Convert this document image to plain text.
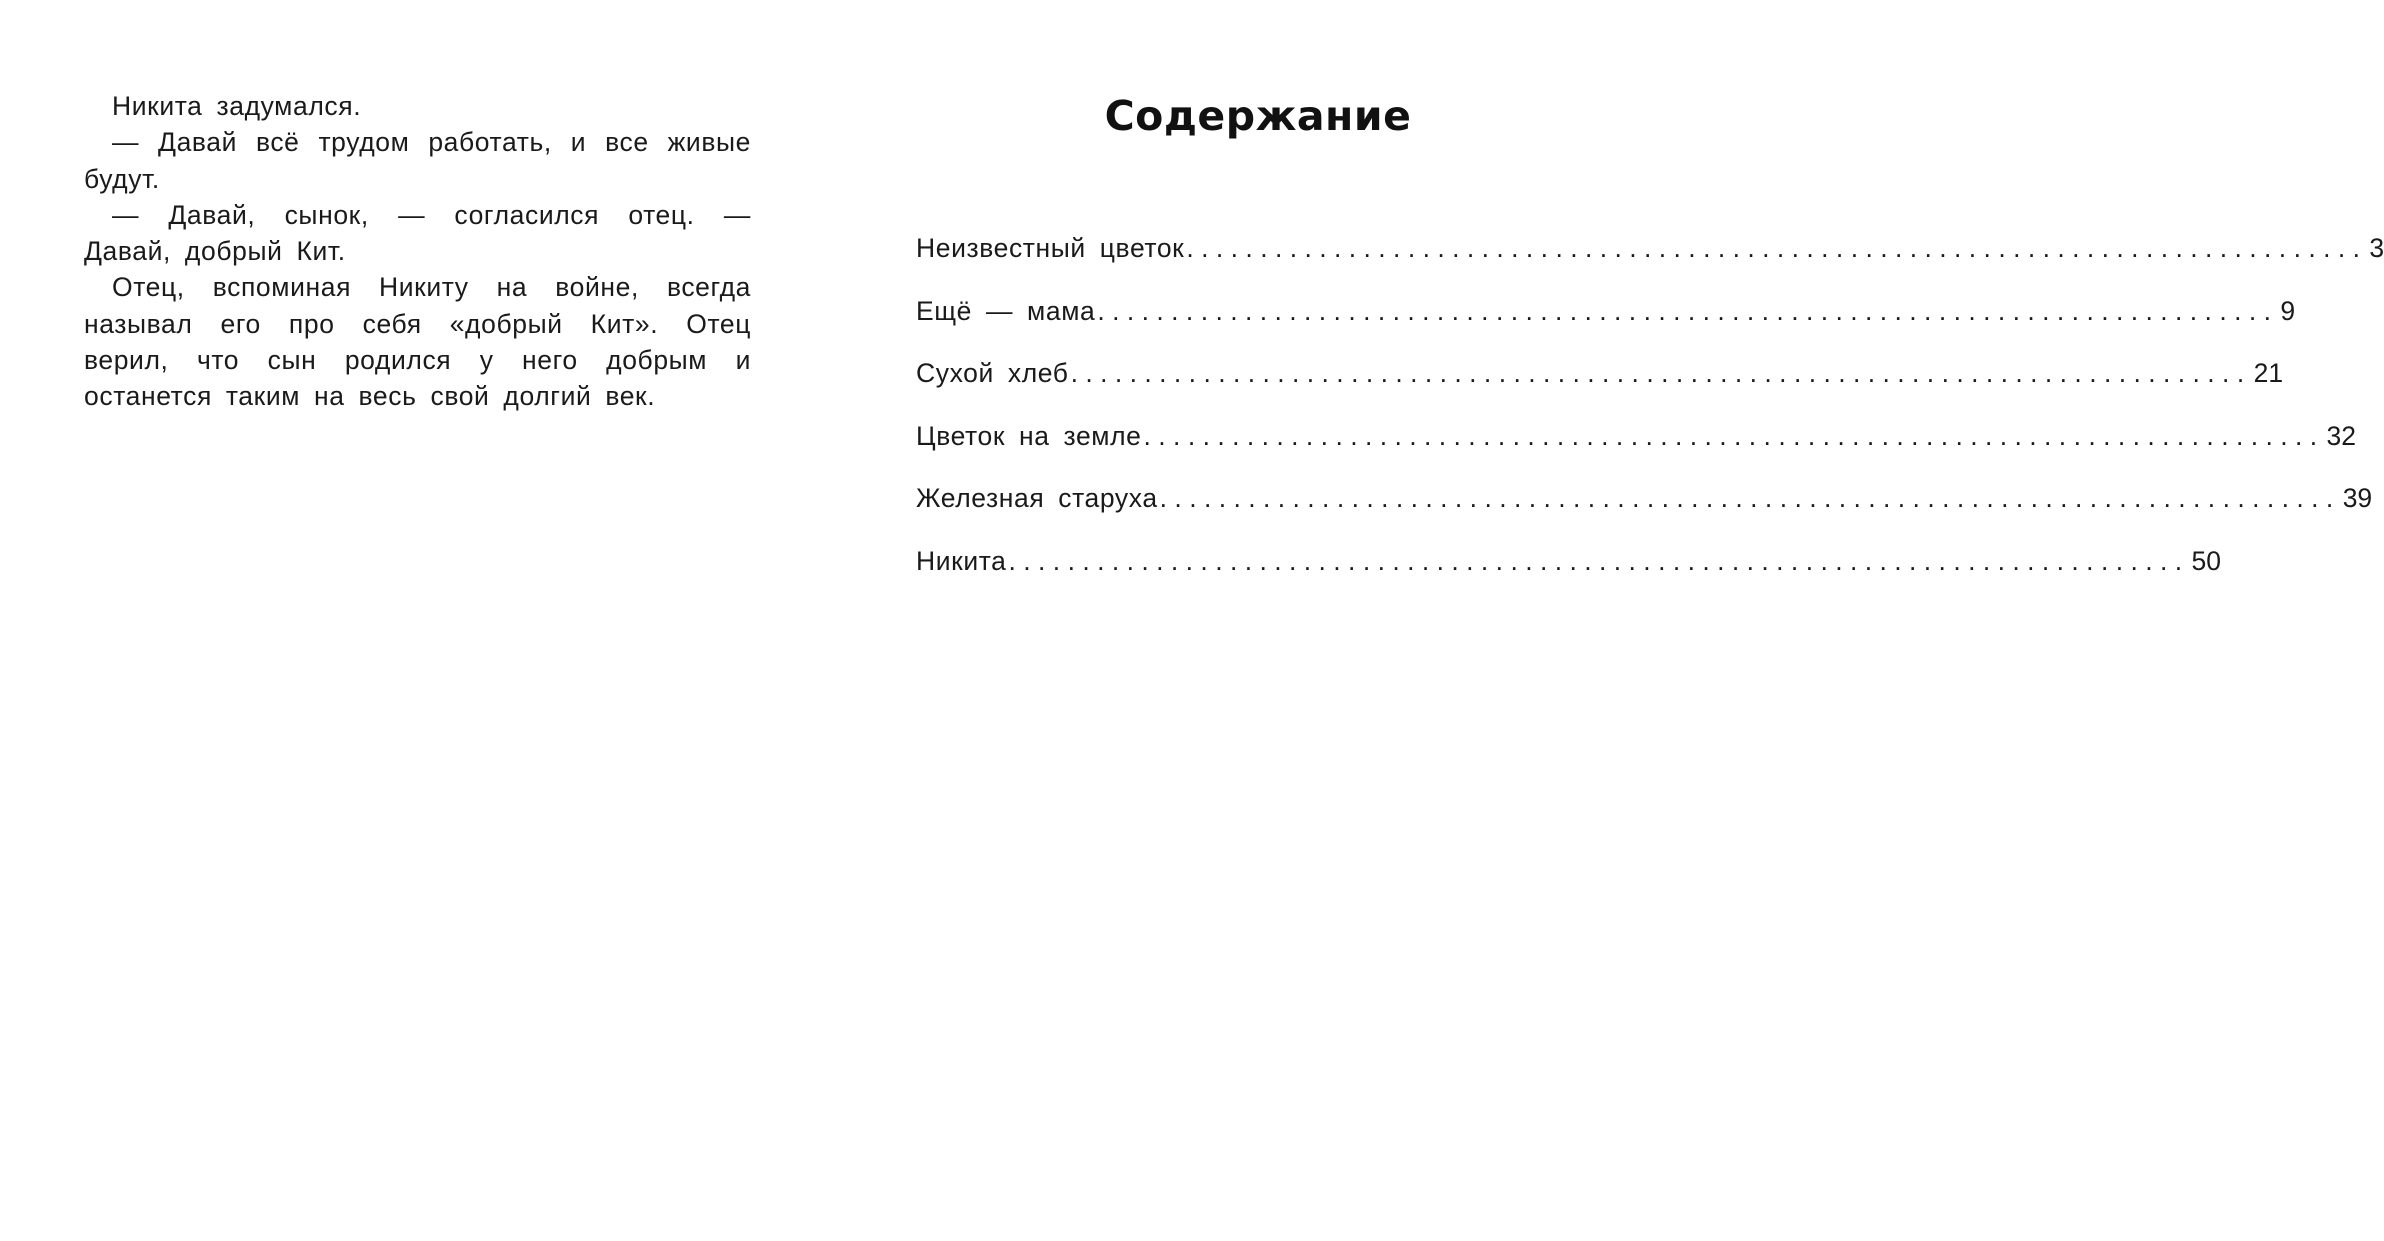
Никита задумался.

— Давай всё трудом работать, и все живые будут.

— Давай, сынок, — согласился отец. — Давай, добрый Кит.

Отец, вспоминая Никиту на войне, всегда называл его про себя «добрый Кит». Отец верил, что сын родился у него добрым и останется таким на весь свой долгий век.

Содержание
Неизвестный цветок ................................................................................ 3
Ещё — мама ................................................................................ 9
Сухой хлеб ................................................................................ 21
Цветок на земле ................................................................................ 32
Железная старуха ................................................................................ 39
Никита ................................................................................ 50
